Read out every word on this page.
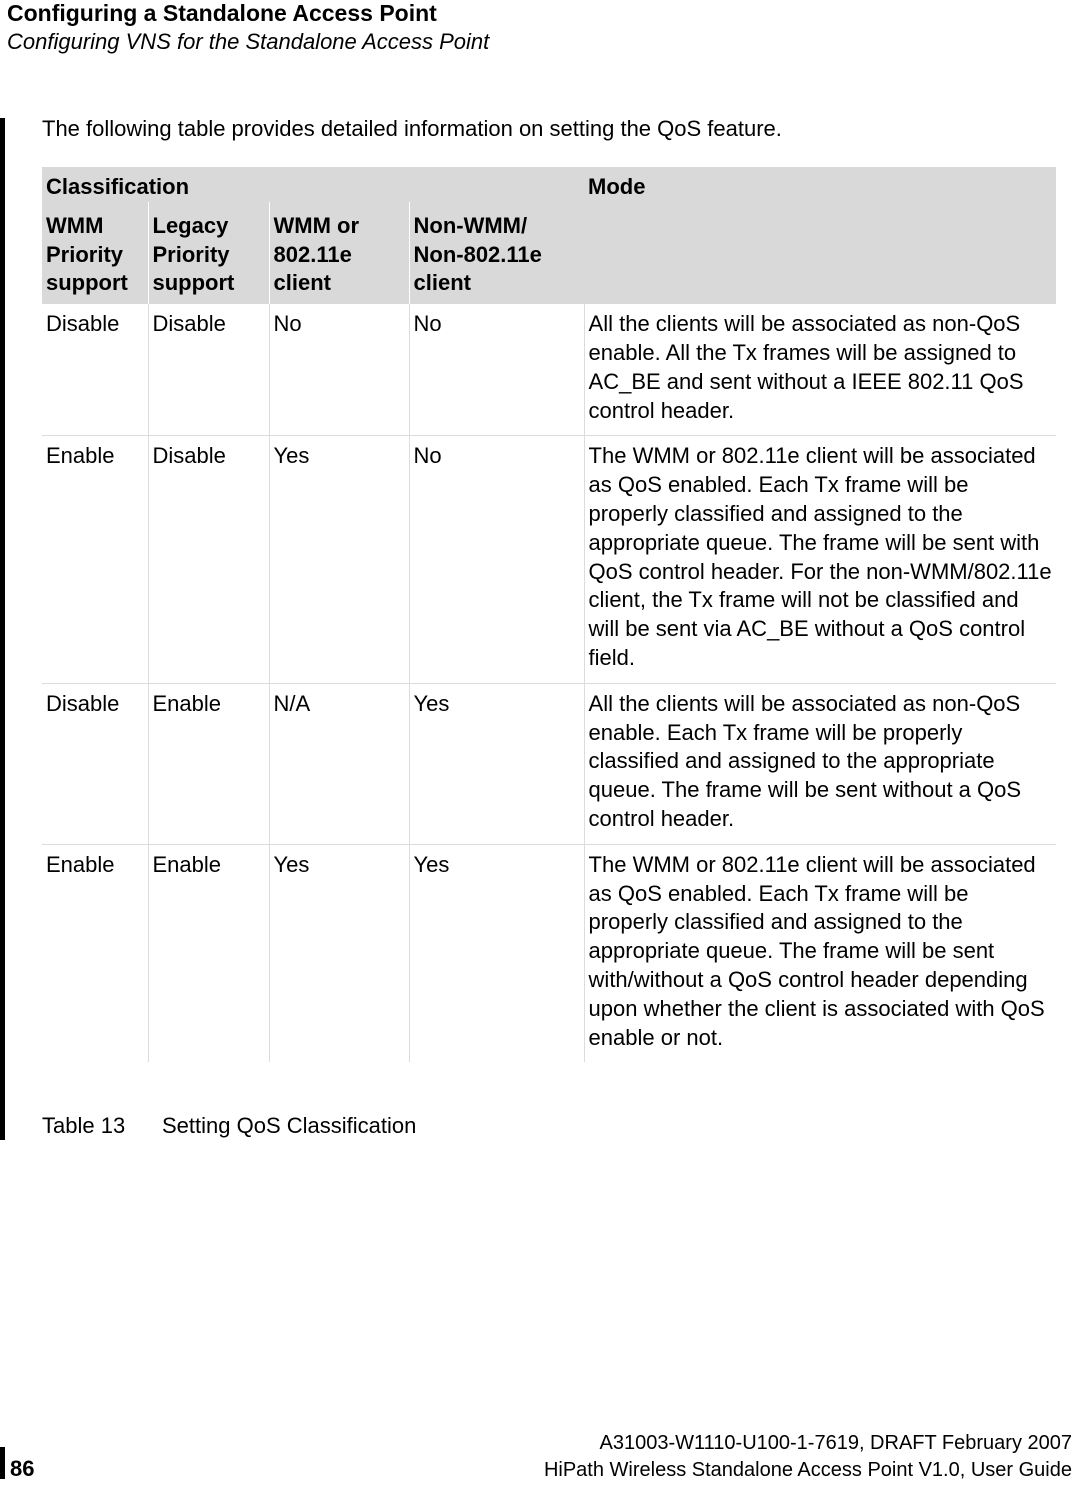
Configuring a Standalone Access Point
Configuring VNS for the Standalone Access Point
The following table provides detailed information on setting the QoS feature.
Classification				Mode
WMM Priority support	Legacy Priority support	WMM or 802.11e client	Non-WMM/ Non-802.11e client	
Disable	Disable	No	No	All the clients will be associated as non-QoS enable. All the Tx frames will be assigned to AC_BE and sent without a IEEE 802.11 QoS control header.
Enable	Disable	Yes	No	The WMM or 802.11e client will be associated as QoS enabled. Each Tx frame will be properly classified and assigned to the appropriate queue. The frame will be sent with QoS control header. For the non-WMM/802.11e client, the Tx frame will not be classified and will be sent via AC_BE without a QoS control field.
Disable	Enable	N/A	Yes	All the clients will be associated as non-QoS enable. Each Tx frame will be properly classified and assigned to the appropriate queue. The frame will be sent without a QoS control header.
Enable	Enable	Yes	Yes	The WMM or 802.11e client will be associated as QoS enabled. Each Tx frame will be properly classified and assigned to the appropriate queue. The frame will be sent with/without a QoS control header depending upon whether the client is associated with QoS enable or not.
Table 13 Setting QoS Classification
A31003-W1110-U100-1-7619, DRAFT February 2007
HiPath Wireless Standalone Access Point V1.0, User Guide
86
